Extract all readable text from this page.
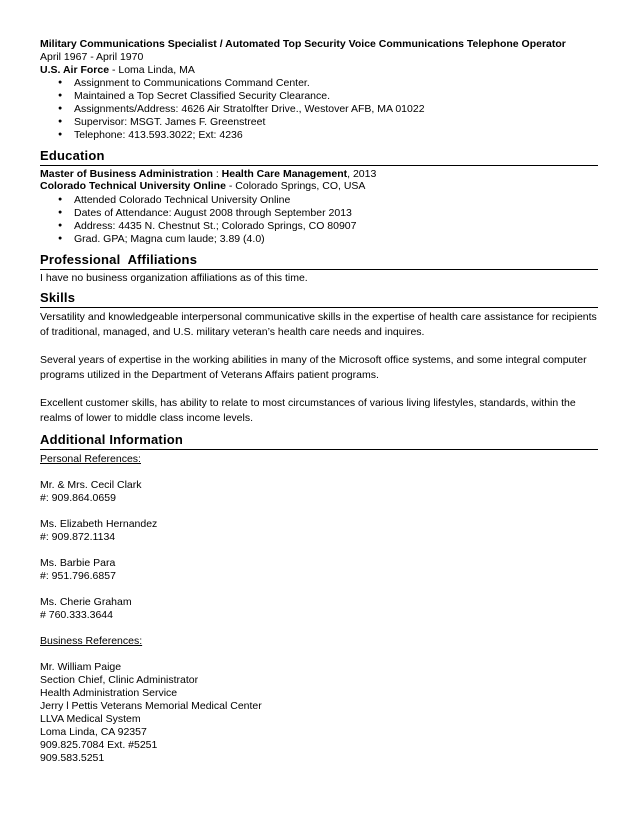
Military Communications Specialist / Automated Top Security Voice Communications Telephone Operator
April 1967 - April 1970
U.S. Air Force - Loma Linda, MA
● Assignment to Communications Command Center.
● Maintained a Top Secret Classified Security Clearance.
● Assignments/Address: 4626 Air Stratolfter Drive., Westover AFB, MA 01022
● Supervisor: MSGT. James F. Greenstreet
● Telephone: 413.593.3022; Ext: 4236
Education
Master of Business Administration : Health Care Management, 2013
Colorado Technical University Online - Colorado Springs, CO, USA
● Attended Colorado Technical University Online
● Dates of Attendance: August 2008 through September 2013
● Address: 4435 N. Chestnut St.; Colorado Springs, CO 80907
● Grad. GPA; Magna cum laude; 3.89 (4.0)
Professional  Affiliations
I have no business organization affiliations as of this time.
Skills
Versatility and knowledgeable interpersonal communicative skills in the expertise of health care assistance for recipients
of traditional, managed, and U.S. military veteran’s health care needs and inquires.
Several years of expertise in the working abilities in many of the Microsoft office systems, and some integral computer
programs utilized in the Department of Veterans Affairs patient programs.
Excellent customer skills, has ability to relate to most circumstances of various living lifestyles, standards, within the
realms of lower to middle class income levels.
Additional Information
Personal References:
Mr. & Mrs. Cecil Clark
#: 909.864.0659
Ms. Elizabeth Hernandez
#: 909.872.1134
Ms. Barbie Para
#: 951.796.6857
Ms. Cherie Graham
# 760.333.3644
Business References:
Mr. William Paige
Section Chief, Clinic Administrator
Health Administration Service
Jerry l Pettis Veterans Memorial Medical Center
LLVA Medical System
Loma Linda, CA 92357
909.825.7084 Ext. #5251
909.583.5251
